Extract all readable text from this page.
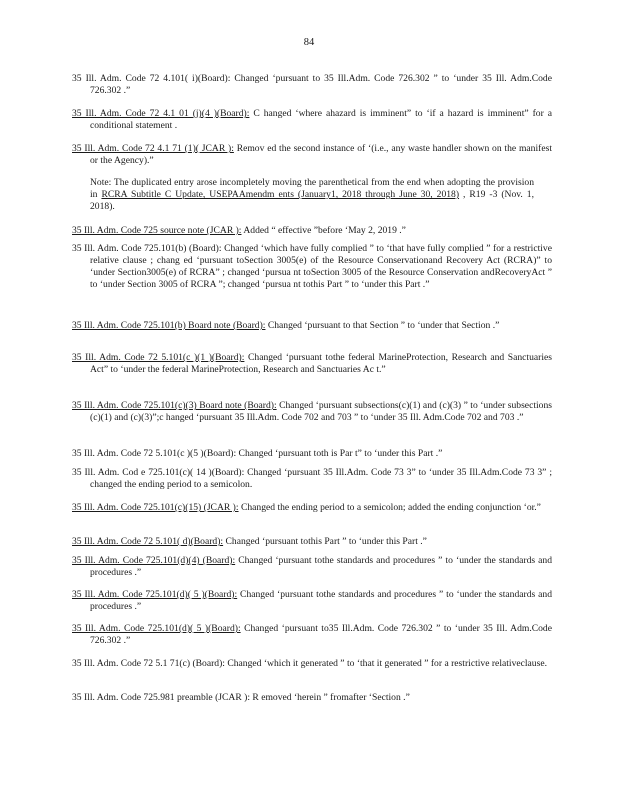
84
35 Ill. Adm. Code 72 4.101( i)(Board): Changed ‘pursuant to 35 Ill.Adm. Code 726.302 ” to ‘under 35 Ill. Adm.Code 726.302 .”
35 Ill. Adm. Code 72 4.1 01 (j)(4 )(Board): C hanged ‘where ahazard is imminent” to ‘if a hazard is imminent” for a conditional statement .
35 Ill. Adm. Code 72 4.1 71 (1)( JCAR ): Remov ed the second instance of ‘(i.e., any waste handler shown on the manifest or the Agency).”
Note: The duplicated entry arose incompletely moving the parenthetical from the end when adopting the provision in RCRA Subtitle C Update, USEPAAmendm ents (January1, 2018 through June 30, 2018) , R19 -3 (Nov. 1, 2018).
35 Ill. Adm. Code 725 source note (JCAR ): Added “ effective ”before ‘May 2, 2019 .”
35 Ill. Adm. Code 725.101(b) (Board): Changed ‘which have fully complied ” to ‘that have fully complied ” for a restrictive relative clause ; chang ed ‘pursuant toSection 3005(e) of the Resource Conservationand Recovery Act (RCRA)” to ‘under Section3005(e) of RCRA” ; changed ‘pursua nt toSection 3005 of the Resource Conservation andRecoveryAct ” to ‘under Section 3005 of RCRA ”; changed ‘pursua nt tothis Part ” to ‘under this Part .”
35 Ill. Adm. Code 725.101(b) Board note (Board): Changed ‘pursuant to that Section ” to ‘under that Section .”
35 Ill. Adm. Code 72 5.101(c )(1 )(Board): Changed ‘pursuant tothe federal MarineProtection, Research and Sanctuaries Act” to ‘under the federal MarineProtection, Research and Sanctuaries Ac t.”
35 Ill. Adm. Code 725.101(c)(3) Board note (Board): Changed ‘pursuant subsections(c)(1) and (c)(3) ” to ‘under subsections (c)(1) and (c)(3)”;c hanged ‘pursuant 35 Ill.Adm. Code 702 and 703 ” to ‘under 35 Ill. Adm.Code 702 and 703 .”
35 Ill. Adm. Code 72 5.101(c )(5 )(Board): Changed ‘pursuant toth is Par t” to ‘under this Part .”
35 Ill. Adm. Cod e 725.101(c)( 14 )(Board): Changed ‘pursuant 35 Ill.Adm. Code 73 3” to ‘under 35 Ill.Adm.Code 73 3” ; changed the ending period to a semicolon.
35 Ill. Adm. Code 725.101(c)(15) (JCAR ): Changed the ending period to a semicolon; added the ending conjunction ‘or.”
35 Ill. Adm. Code 72 5.101( d)(Board): Changed ‘pursuant tothis Part ” to ‘under this Part .”
35 Ill. Adm. Code 725.101(d)(4) (Board): Changed ‘pursuant tothe standards and procedures ” to ‘under the standards and procedures .”
35 Ill. Adm. Code 725.101(d)( 5 )(Board): Changed ‘pursuant tothe standards and procedures ” to ‘under the standards and procedures .”
35 Ill. Adm. Code 725.101(d)( 5 )(Board): Changed ‘pursuant to35 Ill.Adm. Code 726.302 ” to ‘under 35 Ill. Adm.Code 726.302 .”
35 Ill. Adm. Code 72 5.1 71(c) (Board): Changed ‘which it generated ” to ‘that it generated ” for a restrictive relativeclause.
35 Ill. Adm. Code 725.981 preamble (JCAR ): R emoved ‘herein ” fromafter ‘Section .”
